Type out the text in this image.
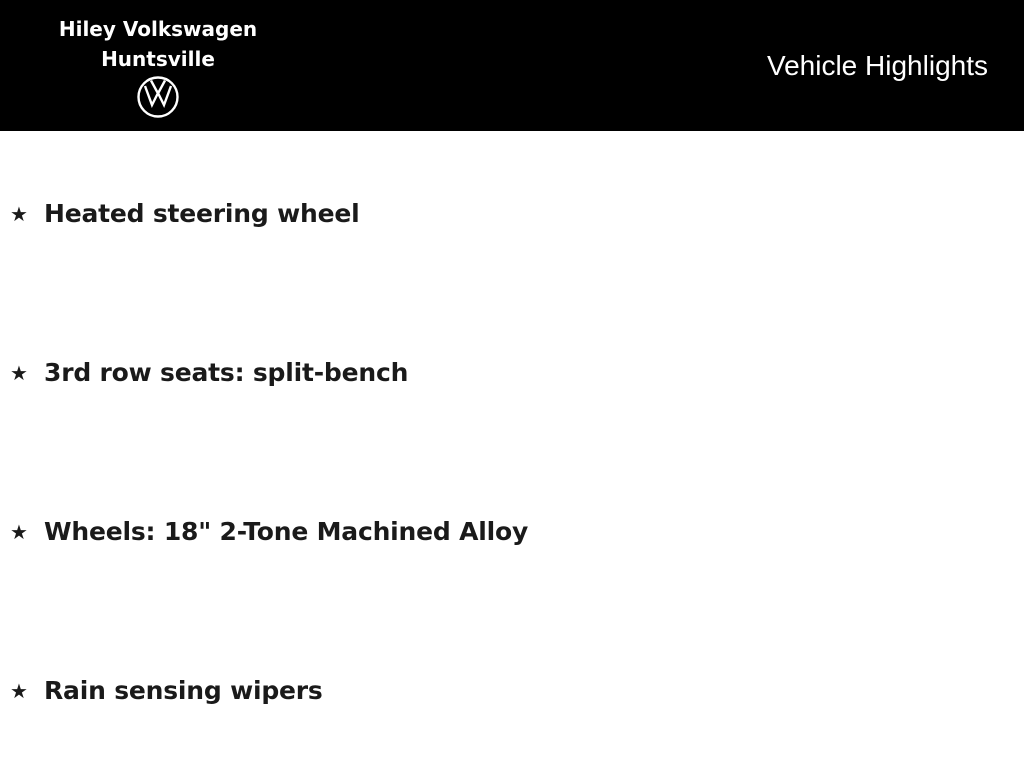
Hiley Volkswagen
Huntsville	Vehicle Highlights
★ Heated steering wheel
★ 3rd row seats: split-bench
★ Wheels: 18" 2-Tone Machined Alloy
★ Rain sensing wipers
